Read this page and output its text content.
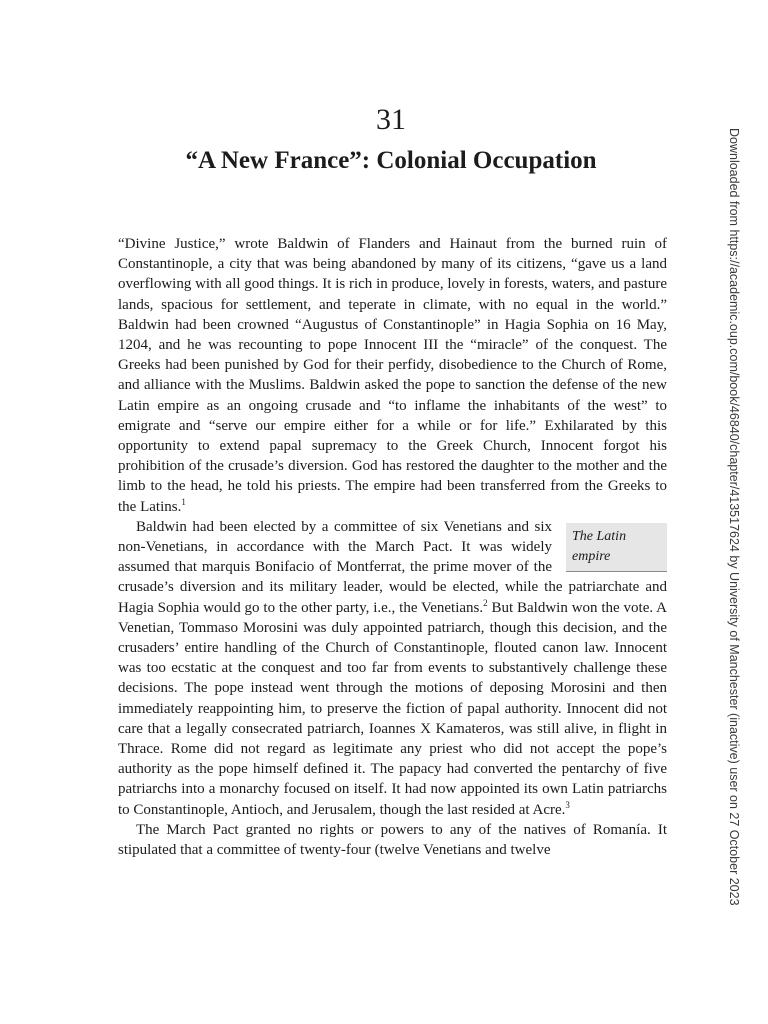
31
“A New France”: Colonial Occupation

“Divine Justice,” wrote Baldwin of Flanders and Hainaut from the burned ruin of Constantinople, a city that was being abandoned by many of its citizens, “gave us a land overflowing with all good things. It is rich in produce, lovely in forests, waters, and pasture lands, spacious for settlement, and teperate in climate, with no equal in the world.” Baldwin had been crowned “Augustus of Constantinople” in Hagia Sophia on 16 May, 1204, and he was recounting to pope Innocent III the “miracle” of the conquest. The Greeks had been punished by God for their perfidy, disobedience to the Church of Rome, and alliance with the Muslims. Baldwin asked the pope to sanction the defense of the new Latin empire as an ongoing crusade and “to inflame the inhabitants of the west” to emigrate and “serve our empire either for a while or for life.” Exhilarated by this opportunity to extend papal supremacy to the Greek Church, Innocent forgot his prohibition of the crusade’s diversion. God has restored the daughter to the mother and the limb to the head, he told his priests. The empire had been transferred from the Greeks to the Latins.$^1$

The Latin empire
Baldwin had been elected by a committee of six Venetians and six non-Venetians, in accordance with the March Pact. It was widely assumed that marquis Bonifacio of Montferrat, the prime mover of the crusade’s diversion and its military leader, would be elected, while the patriarchate and Hagia Sophia would go to the other party, i.e., the Venetians.$^2$ But Baldwin won the vote. A Venetian, Tommaso Morosini was duly appointed patriarch, though this decision, and the crusaders’ entire handling of the Church of Constantinople, flouted canon law. Innocent was too ecstatic at the conquest and too far from events to substantively challenge these decisions. The pope instead went through the motions of deposing Morosini and then immediately reappointing him, to preserve the fiction of papal authority. Innocent did not care that a legally consecrated patriarch, Ioannes X Kamateros, was still alive, in flight in Thrace. Rome did not regard as legitimate any priest who did not accept the pope’s authority as the pope himself defined it. The papacy had converted the pentarchy of five patriarchs into a monarchy focused on itself. It had now appointed its own Latin patriarchs to Constantinople, Antioch, and Jerusalem, though the last resided at Acre.$^3$

The March Pact granted no rights or powers to any of the natives of Romanía. It stipulated that a committee of twenty-four (twelve Venetians and twelve	Downloaded from https://academic.oup.com/book/46840/chapter/413517624 by University of Manchester (inactive) user on 27 October 2023
